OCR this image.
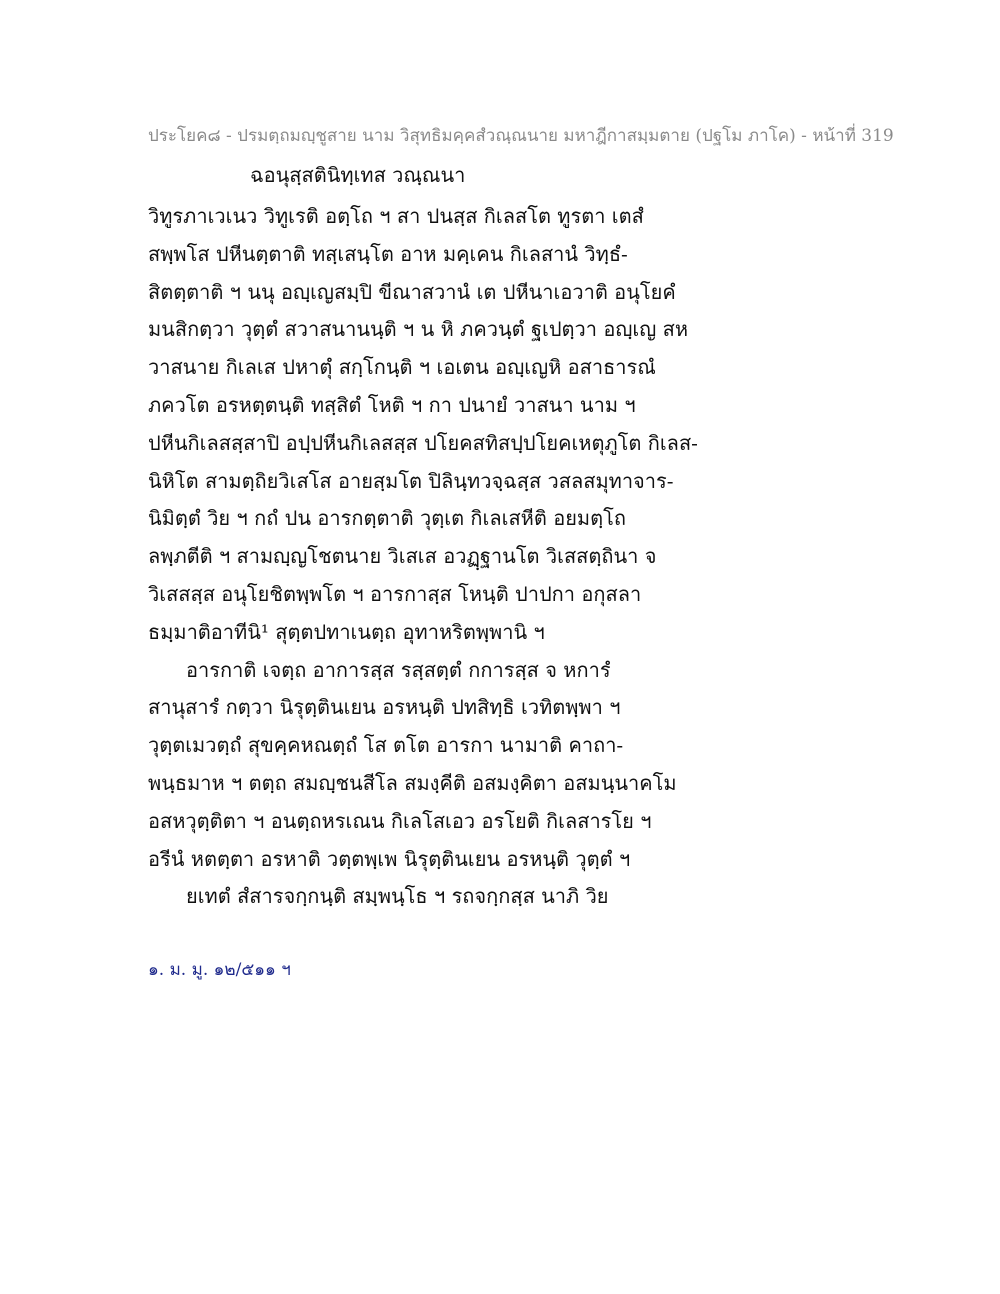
ประโยค๘ - ปรมตฺถมญฺชูสาย นาม วิสุทธิมคฺคสํวณฺณนาย มหาฎีกาสมฺมตาย (ปฐโม ภาโค) - หน้าที่ 319
ฉอนุสฺสตินิทฺเทส วณฺณนา
วิทูรภาเวเนว วิทูเรติ อตฺโถ ฯ สา ปนสฺส กิเลสโต ทูรตา เตสํ
สพฺพโส ปหีนตฺตาติ ทสฺเสนฺโต อาห มคฺเคน กิเลสานํ วิทฺธํ-
สิตตฺตาติ ฯ นนุ อญฺเญสมฺปิ ขีณาสวานํ เต ปหีนาเอวาติ อนุโยคํ
มนสิกตฺวา วุตฺตํ สวาสนานนฺติ ฯ น หิ ภควนฺตํ ฐเปตฺวา อญฺเญ สห
วาสนาย กิเลเส ปหาตุํ สกฺโกนฺติ ฯ เอเตน อญฺเญหิ อสาธารณํ
ภควโต อรหตฺตนฺติ ทสฺสิตํ โหติ ฯ กา ปนายํ วาสนา นาม ฯ
ปหีนกิเลสสฺสาปิ อปฺปหีนกิเลสสฺส ปโยคสทิสปฺปโยคเหตุภูโต กิเลส-
นิหิโต สามตฺถิยวิเสโส อายสฺมโต ปิลินฺทวจฺฉสฺส วสลสมุทาจาร-
นิมิตฺตํ วิย ฯ กถํ ปน อารกตฺตาติ วุตฺเต กิเลเสหีติ อยมตฺโถ
ลพฺภตีติ ฯ สามญฺญโชตนาย วิเสเส อวฏฺฐานโต วิเสสตฺถินา จ
วิเสสสฺส อนุโยชิตพฺพโต ฯ อารกาสฺส โหนฺติ ปาปกา อกุสลา
ธมฺมาติอาทีนิ¹ สุตฺตปทาเนตฺถ อุทาหริตพฺพานิ ฯ
อารกาติ เจตฺถ อาการสฺส รสฺสตฺตํ กการสฺส จ หการํ
สานุสารํ กตฺวา นิรุตฺตินเยน อรหนฺติ ปทสิทฺธิ เวทิตพฺพา ฯ
วุตฺตเมวตฺถํ สุขคฺคหณตฺถํ โส ตโต อารกา นามาติ คาถา-
พนฺธมาห ฯ ตตฺถ สมญฺชนสีโล สมงฺคีติ อสมงฺคิตา อสมนฺนาคโม
อสหวุตฺติตา ฯ อนตฺถหรเณน กิเลโสเอว อรโยติ กิเลสารโย ฯ
อรีนํ หตตฺตา อรหาติ วตฺตพฺเพ นิรุตฺตินเยน อรหนฺติ วุตฺตํ ฯ
ยเทตํ สํสารจกฺกนฺติ สมฺพนฺโธ ฯ รถจกฺกสฺส นาภิ วิย
๑. ม. มู. ๑๒/๕๑๑ ฯ
